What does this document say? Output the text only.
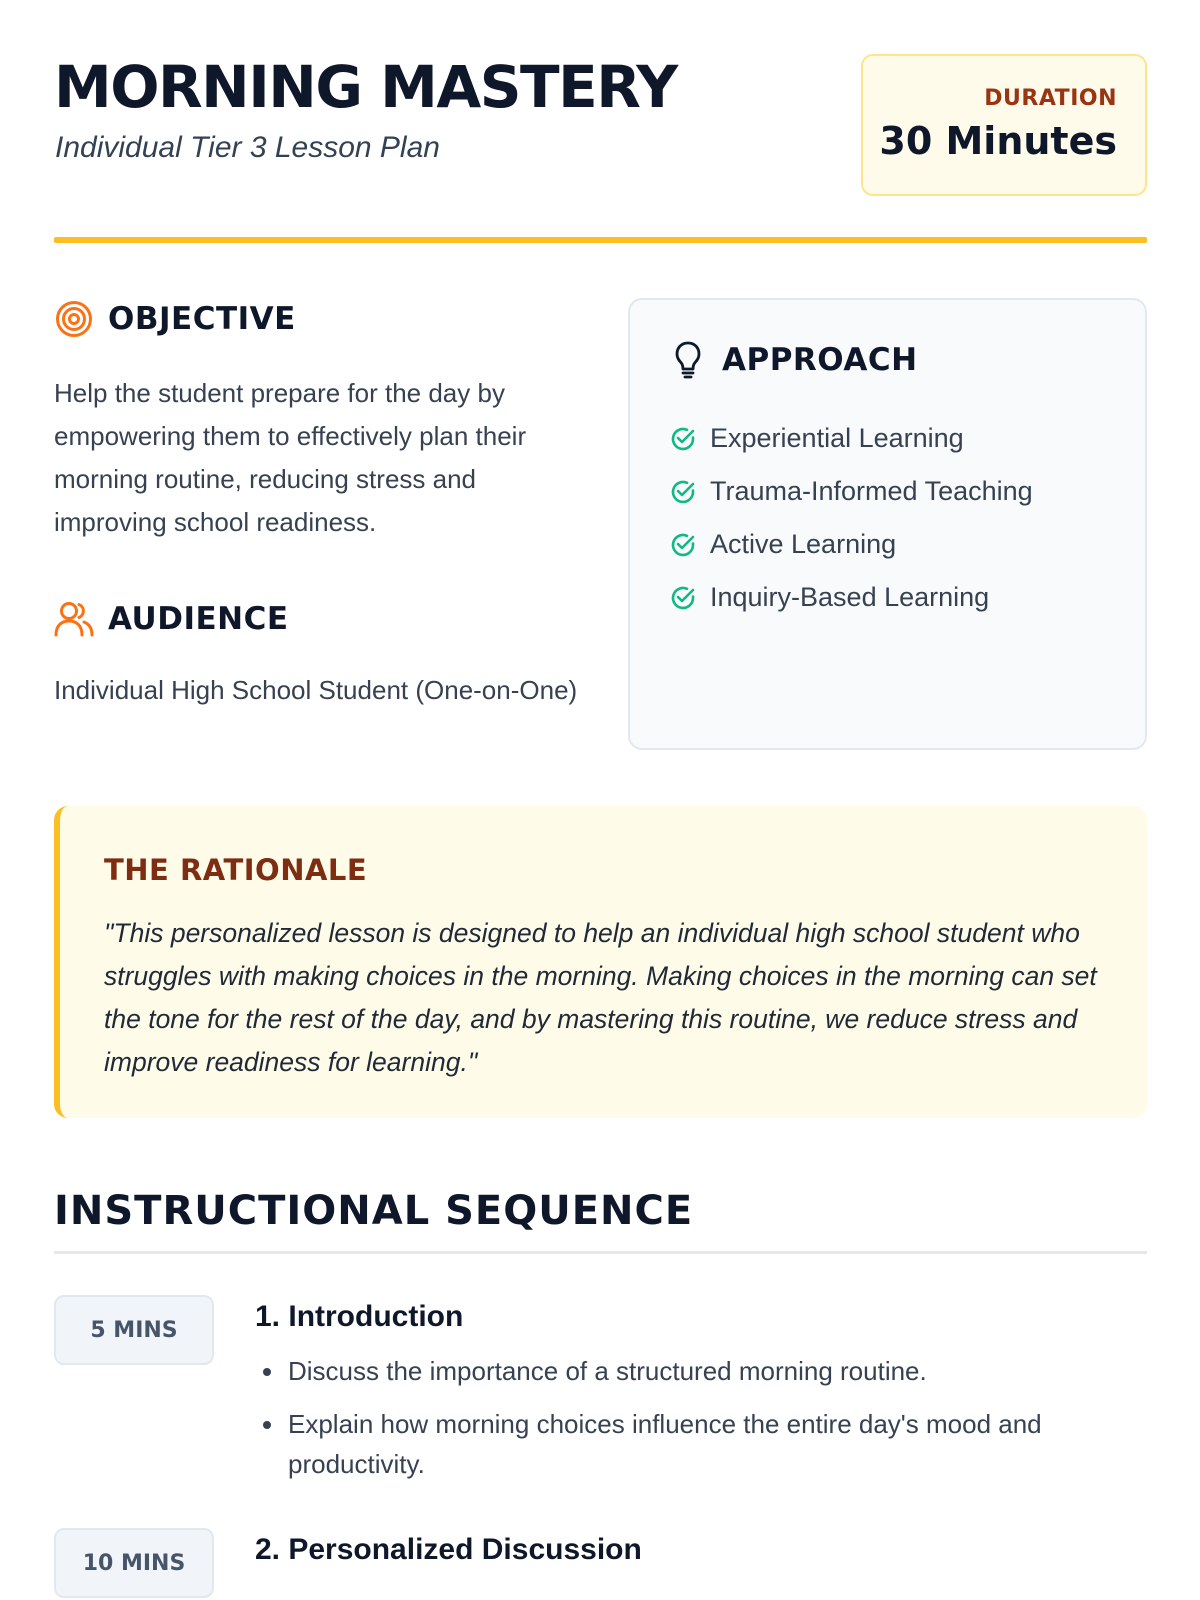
MORNING MASTERY
Individual Tier 3 Lesson Plan
DURATION
30 Minutes
OBJECTIVE

Help the student prepare for the day by empowering them to effectively plan their morning routine, reducing stress and improving school readiness.

AUDIENCE

Individual High School Student (One-on-One)

APPROACH
Experiential Learning
Trauma-Informed Teaching
Active Learning
Inquiry-Based Learning
THE RATIONALE

"This personalized lesson is designed to help an individual high school student who struggles with making choices in the morning. Making choices in the morning can set the tone for the rest of the day, and by mastering this routine, we reduce stress and improve readiness for learning."

INSTRUCTIONAL SEQUENCE
5 MINS	1. Introduction
• Discuss the importance of a structured morning routine.
• Explain how morning choices influence the entire day's mood and productivity.
10 MINS	2. Personalized Discussion
